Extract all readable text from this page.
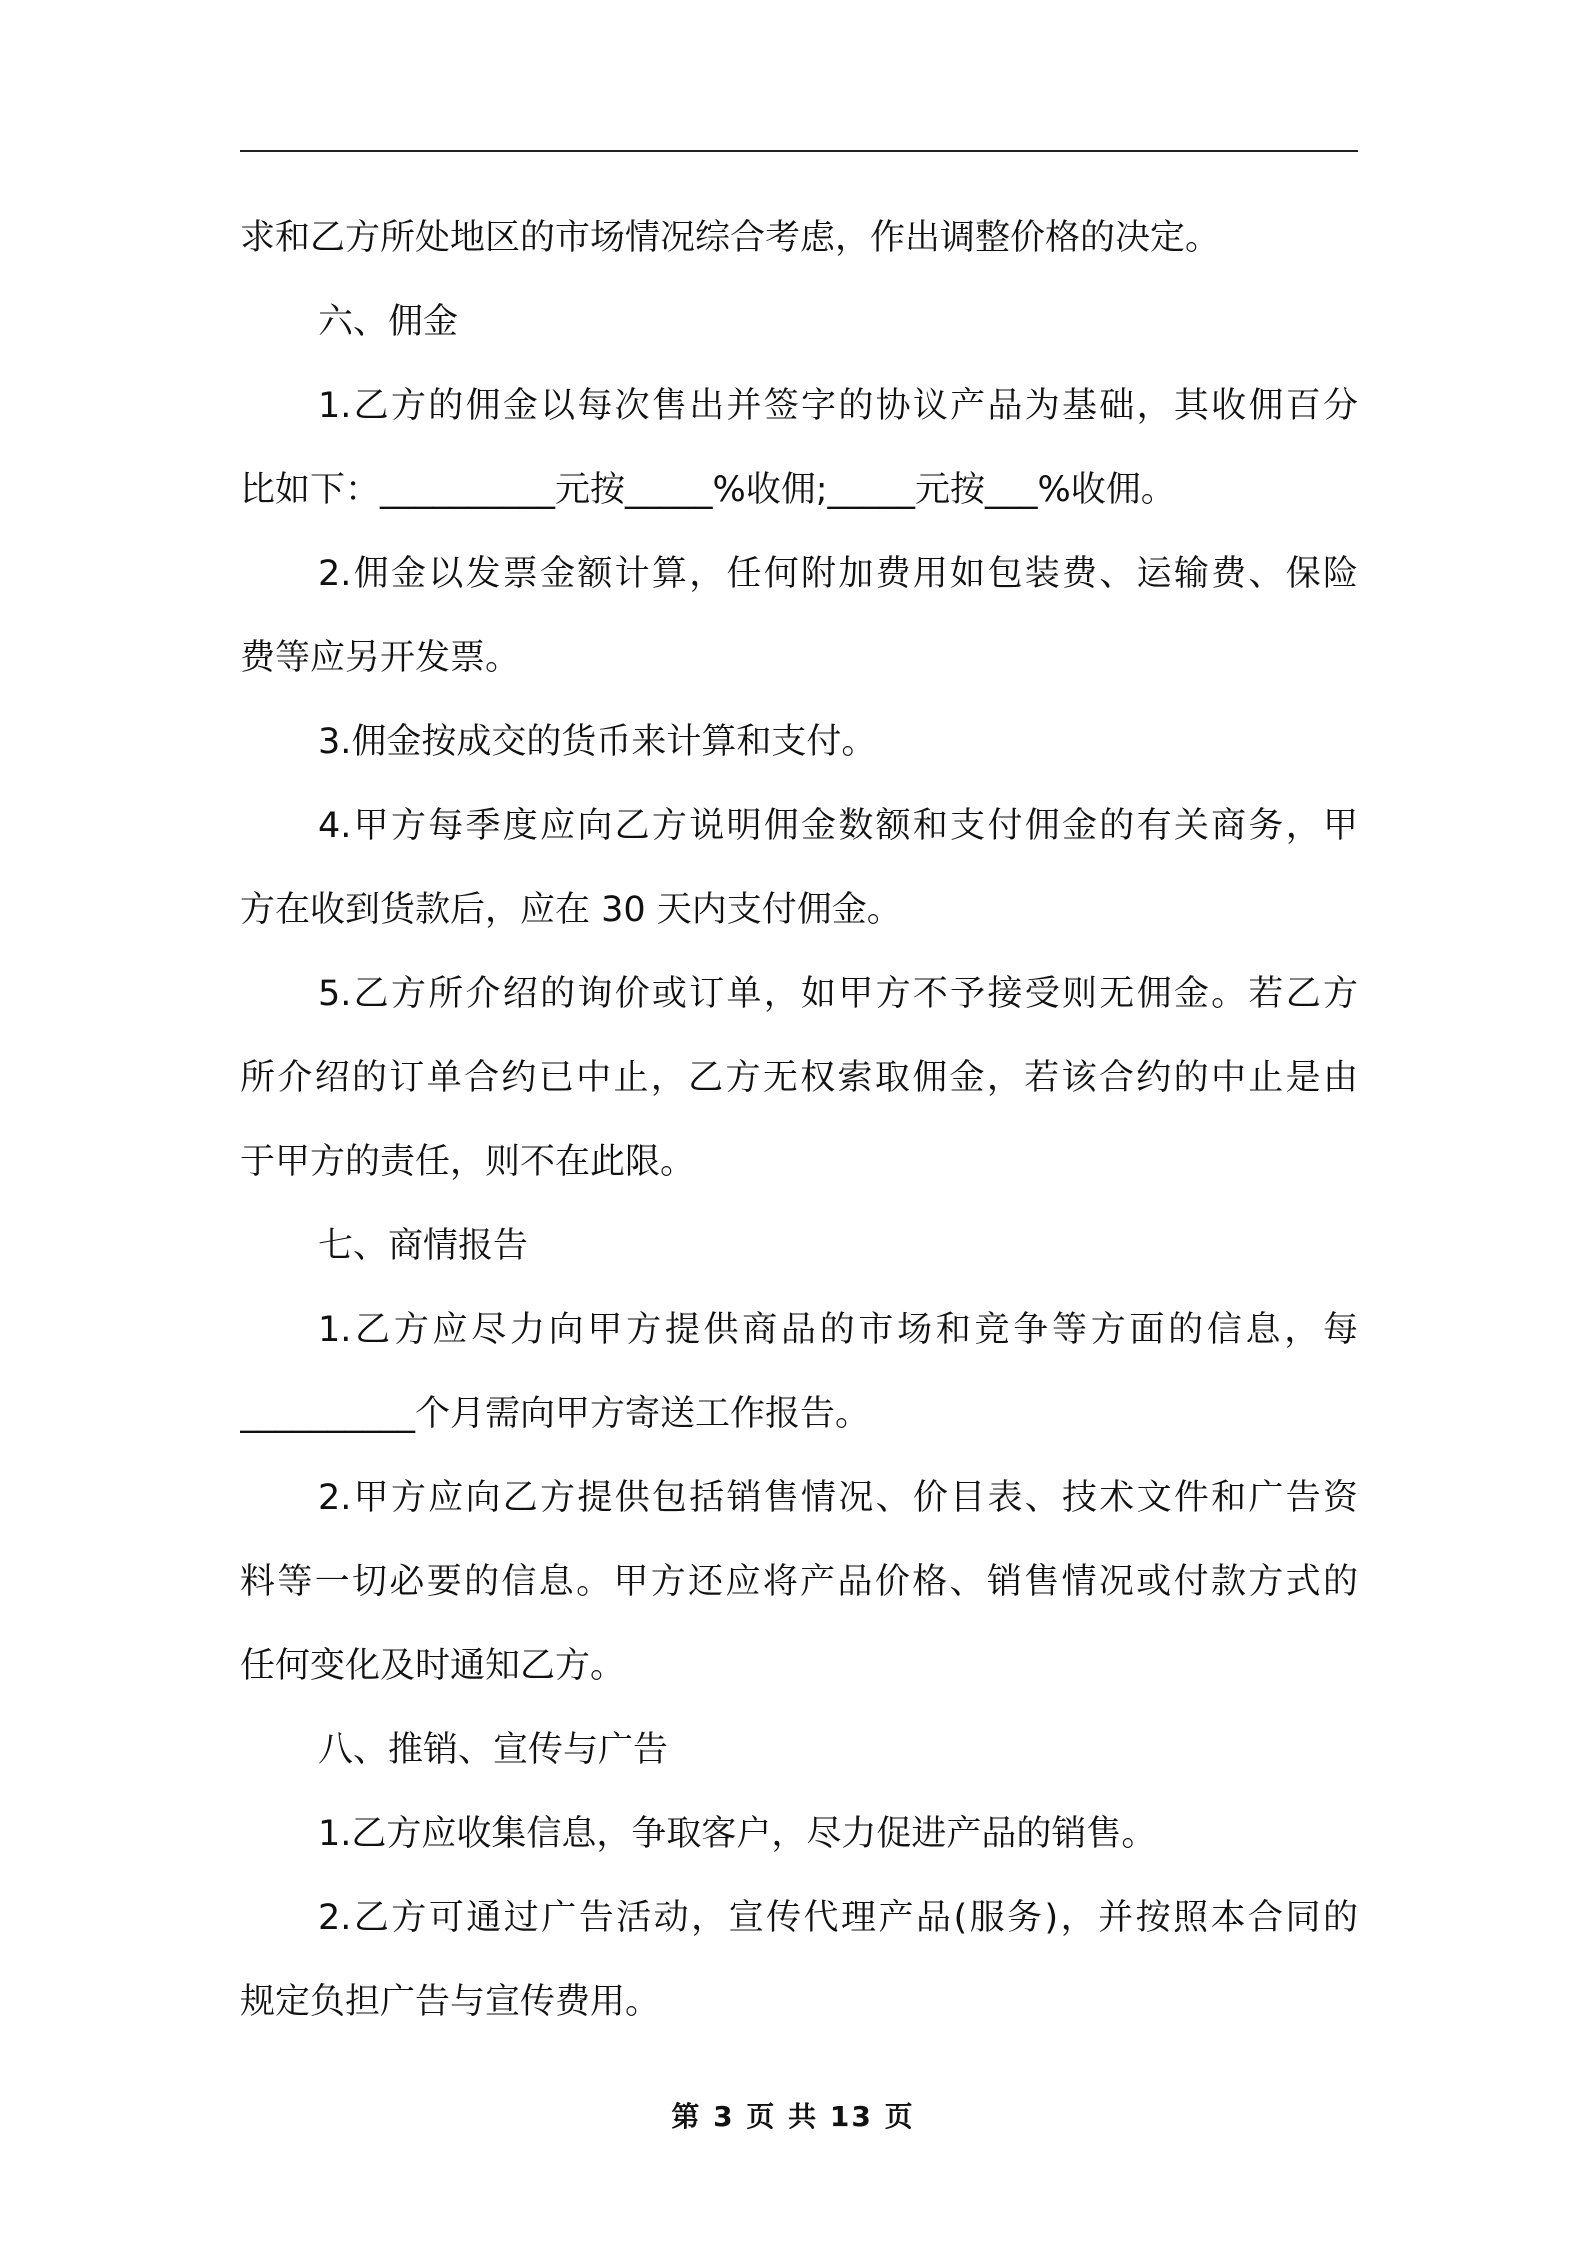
求和乙方所处地区的市场情况综合考虑，作出调整价格的决定。
六、佣金
1.乙方的佣金以每次售出并签字的协议产品为基础，其收佣百分
比如下：__________元按_____%收佣;_____元按___%收佣。
2.佣金以发票金额计算，任何附加费用如包装费、运输费、保险
费等应另开发票。
3.佣金按成交的货币来计算和支付。
4.甲方每季度应向乙方说明佣金数额和支付佣金的有关商务，甲
方在收到货款后，应在 30 天内支付佣金。
5.乙方所介绍的询价或订单，如甲方不予接受则无佣金。若乙方
所介绍的订单合约已中止，乙方无权索取佣金，若该合约的中止是由
于甲方的责任，则不在此限。
七、商情报告
1.乙方应尽力向甲方提供商品的市场和竞争等方面的信息，每
__________个月需向甲方寄送工作报告。
2.甲方应向乙方提供包括销售情况、价目表、技术文件和广告资
料等一切必要的信息。甲方还应将产品价格、销售情况或付款方式的
任何变化及时通知乙方。
八、推销、宣传与广告
1.乙方应收集信息，争取客户，尽力促进产品的销售。
2.乙方可通过广告活动，宣传代理产品(服务)，并按照本合同的
规定负担广告与宣传费用。
第 3 页 共 13 页
